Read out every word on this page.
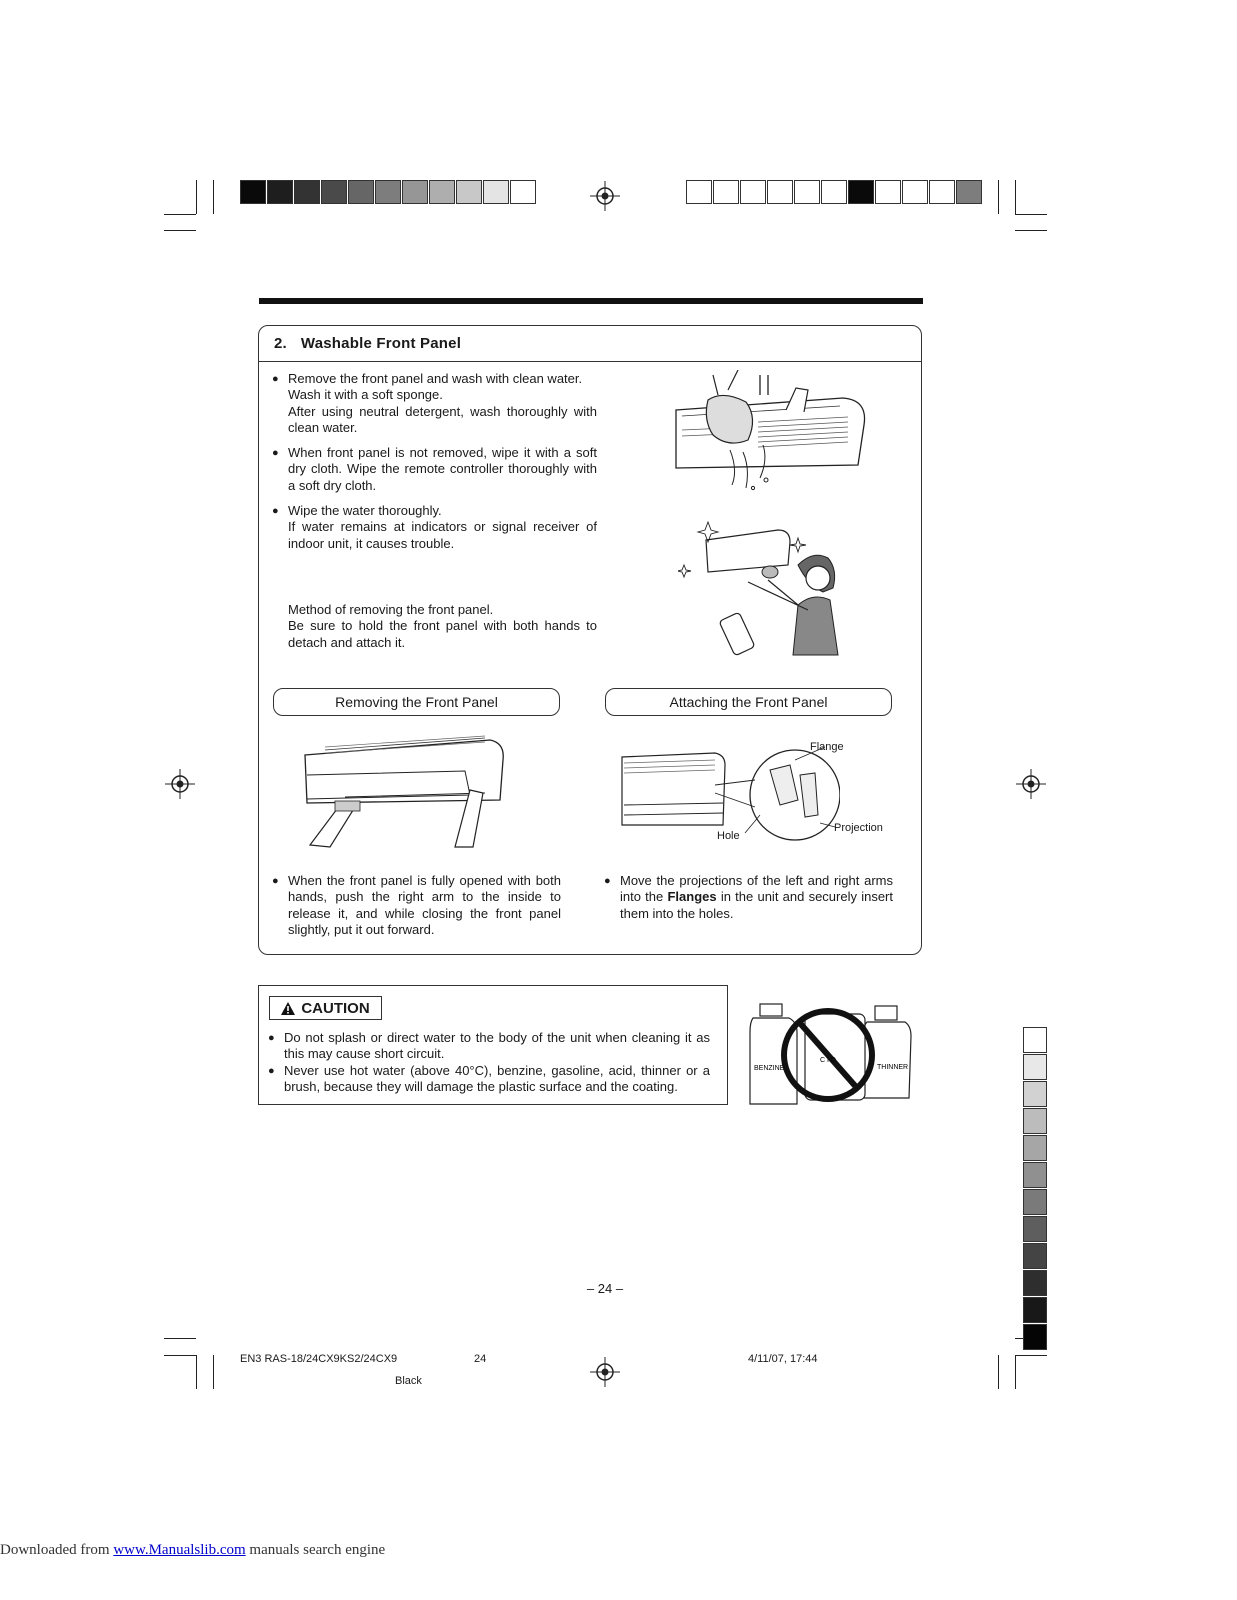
2. Washable Front Panel
● Remove the front panel and wash with clean water.
Wash it with a soft sponge.
After using neutral detergent, wash thoroughly with clean water.
● When front panel is not removed, wipe it with a soft dry cloth. Wipe the remote controller thoroughly with a soft dry cloth.
● Wipe the water thoroughly.
If water remains at indicators or signal receiver of indoor unit, it causes trouble.
Method of removing the front panel.
Be sure to hold the front panel with both hands to detach and attach it.
Removing the Front Panel	Attaching the Front Panel
Flange
Projection
Hole
● When the front panel is fully opened with both hands, push the right arm to the inside to release it, and while closing the front panel slightly, put it out forward.
● Move the projections of the left and right arms into the Flanges in the unit and securely insert them into the holes.
CAUTION
● Do not splash or direct water to the body of the unit when cleaning it as this may cause short circuit.
● Never use hot water (above 40°C), benzine, gasoline, acid, thinner or a brush, because they will damage the plastic surface and the coating.
BENZINE	THINNER
C I D
– 24 –
EN3 RAS-18/24CX9KS2/24CX9	24	4/11/07, 17:44
Black
Downloaded from www.Manualslib.com manuals search engine
